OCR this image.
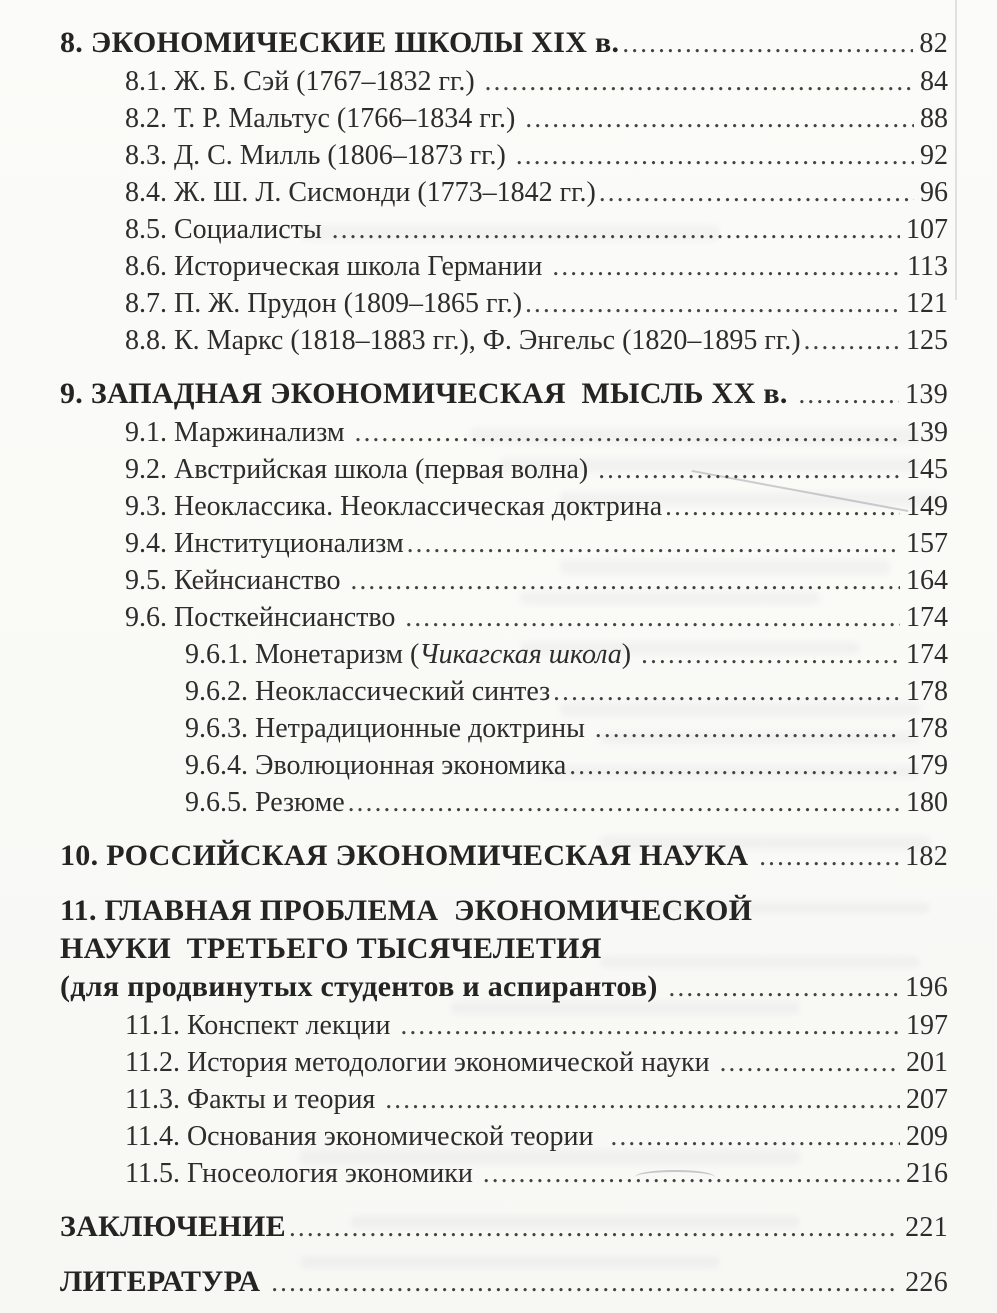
8. ЭКОНОМИЧЕСКИЕ ШКОЛЫ XIX в. .....	82
8.1. Ж. Б. Сэй (1767–1832 гг.) .....	84
8.2. Т. Р. Мальтус (1766–1834 гг.) .....	88
8.3. Д. С. Милль (1806–1873 гг.) .....	92
8.4. Ж. Ш. Л. Сисмонди (1773–1842 гг.) .....	96
8.5. Социалисты .....	107
8.6. Историческая школа Германии .....	113
8.7. П. Ж. Прудон (1809–1865 гг.) .....	121
8.8. К. Маркс (1818–1883 гг.), Ф. Энгельс (1820–1895 гг.) .....	125
9. ЗАПАДНАЯ ЭКОНОМИЧЕСКАЯ  МЫСЛЬ XX в. .....	139
9.1. Маржинализм .....	139
9.2. Австрийская школа (первая волна) .....	145
9.3. Неоклассика. Неоклассическая доктрина .....	149
9.4. Институционализм .....	157
9.5. Кейнсианство .....	164
9.6. Посткейнсианство .....	174
9.6.1. Монетаризм (Чикагская школа) .....	174
9.6.2. Неоклассический синтез .....	178
9.6.3. Нетрадиционные доктрины .....	178
9.6.4. Эволюционная экономика .....	179
9.6.5. Резюме .....	180
10. РОССИЙСКАЯ ЭКОНОМИЧЕСКАЯ НАУКА .....	182
11. ГЛАВНАЯ ПРОБЛЕМА  ЭКОНОМИЧЕСКОЙ
НАУКИ  ТРЕТЬЕГО ТЫСЯЧЕЛЕТИЯ
(для продвинутых студентов и аспирантов) .....	196
11.1. Конспект лекции .....	197
11.2. История методологии экономической науки .....	201
11.3. Факты и теория .....	207
11.4. Основания экономической теории .....	209
11.5. Гносеология экономики .....	216
ЗАКЛЮЧЕНИЕ .....	221
ЛИТЕРАТУРА .....	226
